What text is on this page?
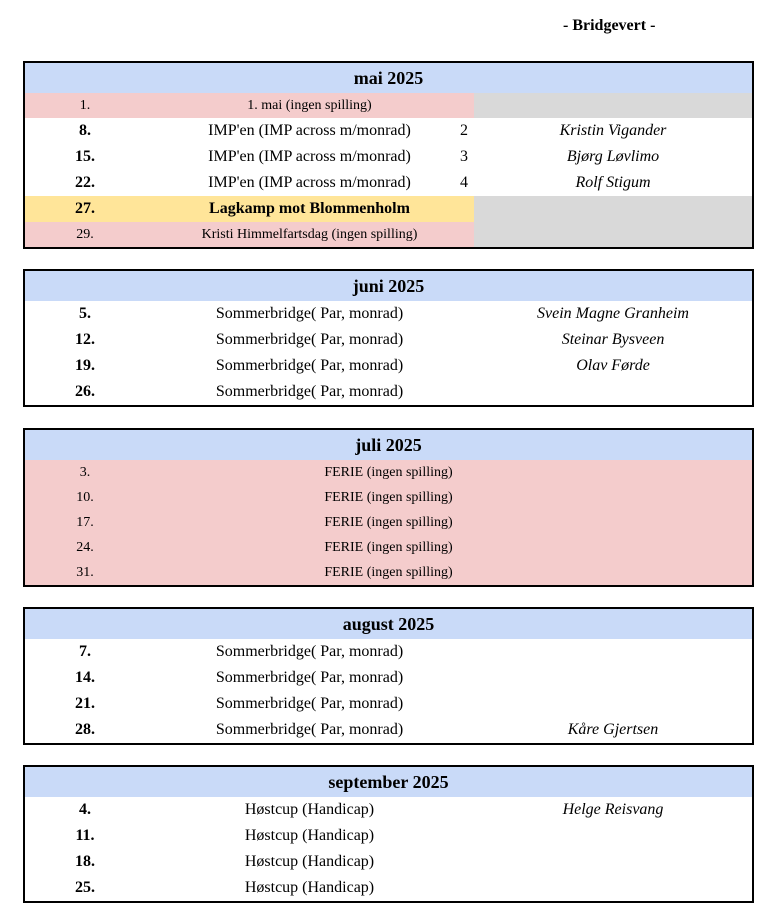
- Bridgevert -
mai 2025
1.	1. mai (ingen spilling)
8.	IMP'en (IMP across m/monrad)	2	Kristin Vigander
15.	IMP'en (IMP across m/monrad)	3	Bjørg Løvlimo
22.	IMP'en (IMP across m/monrad)	4	Rolf Stigum
27.	Lagkamp mot Blommenholm
29.	Kristi Himmelfartsdag (ingen spilling)
juni 2025
5.	Sommerbridge( Par, monrad)	Svein Magne Granheim
12.	Sommerbridge( Par, monrad)	Steinar Bysveen
19.	Sommerbridge( Par, monrad)	Olav Førde
26.	Sommerbridge( Par, monrad)
juli 2025
3.	FERIE (ingen spilling)
10.	FERIE (ingen spilling)
17.	FERIE (ingen spilling)
24.	FERIE (ingen spilling)
31.	FERIE (ingen spilling)
august 2025
7.	Sommerbridge( Par, monrad)
14.	Sommerbridge( Par, monrad)
21.	Sommerbridge( Par, monrad)
28.	Sommerbridge( Par, monrad)	Kåre Gjertsen
september 2025
4.	Høstcup (Handicap)	Helge Reisvang
11.	Høstcup (Handicap)
18.	Høstcup (Handicap)
25.	Høstcup (Handicap)
